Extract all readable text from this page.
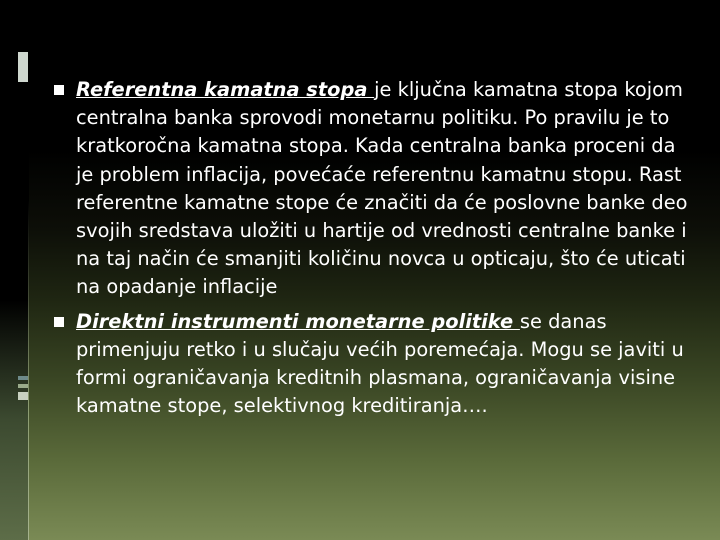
Referentna kamatna stopa je ključna kamatna stopa kojom centralna banka sprovodi monetarnu politiku. Po pravilu je to kratkoročna kamatna stopa. Kada centralna banka proceni da je problem inflacija, povećaće referentnu kamatnu stopu. Rast referentne kamatne stope će značiti da će poslovne banke deo svojih sredstava uložiti u hartije od vrednosti centralne banke i na taj način će smanjiti količinu novca u opticaju, što će uticati na opadanje inflacije
Direktni instrumenti monetarne politike se danas primenjuju retko i u slučaju većih poremećaja. Mogu se javiti u formi ograničavanja kreditnih plasmana, ograničavanja visine kamatne stope, selektivnog kreditiranja….
